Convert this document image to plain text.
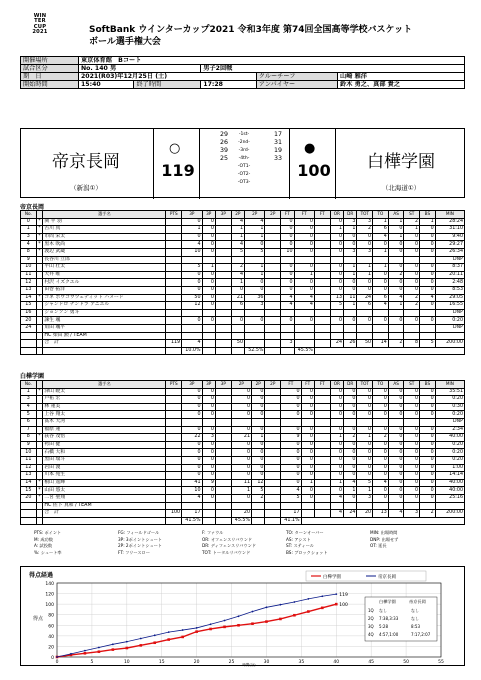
WIN
TER
CUP
2021	SoftBank ウインターカップ2021 令和3年度 第74回全国高等学校バスケット
ボール選手権大会
開催場所	東京体育館　Bコート				
試合区分	No. 140 男		男子2回戦		
期　日	2021(R03)年12月25日 (土)			クルーチーフ	山崎 雅洋
開始時間	15:40	終了時間	17:28	アンパイヤー	鈴木 勇之、真部 貴之
帝京長岡
（新潟①）
○
119
29	-1st-	17
26	-2nd-	31
39	-3rd-	19
25	-4th-	33
-OT1-
-OT2-
-OT3-
●
100	白樺学園
（北海道①）
帝京長岡
No.		選手名	PTS	3P	3P	3P	2P	2P	2P	FT	FT	FT	OR	DR	TOT	TO	AS	ST	BS	MIN
0	*	関 平 羽		0	0		4	4		0	0		0	3	3	1	1	2	1	28:24
1	*	古川 真		1	0		1	1		0	0		1	1	2	6	0	1	0	31:10
3	*	市問 宋太		0	0		1	1		0	0		0	0	0	4	1	0	0	9:40
4	*	黒木 吹尚		4	0		4	0		0	0		0	0	0	0	0	0	0	29:27
8	*	渡辺 武蔵		10	0		5	5		10	0		0	3	3	1	0	0	0	26:34
9		長谷川 立郎																		DNP
10		平山 壮太		5	1		2	1		0	0		0	1	1	1	0	0	0	8:37
11		大井 唯		0	0		4	1		0	1		0	1	1	0	2	0	0	20:11
12		村沢 イズクエル		0	0		1	0		0	0		0	0	0	0	0	0	0	2:48
13		田巻 拓洋		0	0		0	0		0	0		0	0	0	0	0	0	0	8:53
14	*	コネ ボウゴウツェディット ハメード		50	0		21	36		4	4		13	11	24	6	4	2	4	29:05
15		ジャンドロ ナンドラ アニエル		12	0		6	3		4	4		5	1	6	4	1	2	0	16:55
16		ジョンソン 勇斗																		DNP
20		諫生 颯		0	0		0	0		0	0		0	0	0	0	0	0	0	0:20
24		角田 颯平																		DNP
		HC 柴田 勲 / TEAM																		
		合　計	119	4			50			3			24	26	50	14	2	8	5	200:00
				10.0%				52.5%			45.5%									
白樺学園
No.		選手名	PTS	3P	3P	3P	2P	2P	2P	FT	FT	FT	OR	DR	TOT	TO	AS	ST	BS	MIN
1	*	津山 暁太		0	0		0	0		0	0		0	0	0	0	0	0	0	35:51
3		戸祐 宏		0	0		0	0		0	0		0	0	0	0	0	0	0	0:20
4		林 蓮美		0	0		0	0		0	0		0	0	0	0	0	0	0	0:30
5		上谷 翔太		0	0		0	0		0	0		0	0	0	0	0	0	0	0:20
6		髙木 大河																		DNP
7		福原 蓮		0	0		0	0		0	0		0	0	0	0	0	0	0	2:34
8	*	荻谷 茂悟		22	3		21	1		9	0		1	2	1	2	0	0	0	40:00
9		袴田 健		0	0		0	0		0	0		0	0	0	0	0	0	0	0:20
10		石橋 大和		0	0		0	0		0	0		0	0	0	0	0	0	0	0:20
11		黒田 瑞斗		0	0		0	0		0	0		0	0	0	0	0	0	0	0:20
12		岩田 渡		0	0		0	0		0	0		0	0	0	0	0	0	0	1:00
13		川本 苑生		0	0		0	0		0	0		0	0	0	0	0	0	0	14:14
14	*	根山 遥輝		41	9		11	12		0	1		1	4	5	4	0	0	0	40:00
15	*	山田 悠太		10	0		1	5		4	0		0	1	1	0	0	0	0	40:00
20	*	二宮 聖翔		4	0		0	2		5	0		4	0	3	0	0	0	0	25:16
		HC 佐下 真和 / TEAM																		
		合　計	100	17			20			17			4	24	20	13	4	3	2	200:00
				41.5%			45.5%			41.1%										
PTS: ポイント	FG: フィールドゴール	F: ファウル	TO: ターンオーバー	MIN: 出場時間
M: 成功数	3P: 3ポイントシュート	OR: オフェンスリバウンド	AS: アシスト	DNP: 出場せず
A: 試投数	2P: 2ポイントシュート	DR: ディフェンスリバウンド	ST: スティール	OT: 延長
%: シュート率	FT: フリースロー	TOT: トータルリバウンド	BS: ブロックショット
得点経過
0
20
40
60
80
100
120
140
0	5	10	15	20	25	30	35	40	45	50	55
得点
時間(分)
119
100
白樺学園	帝京長岡
白樺学園	帝京長岡
1Q なし	なし
2Q 7:38,3:33	なし
3Q 5:28	8:53
4Q 4:57,1:00	7:17,2:07
